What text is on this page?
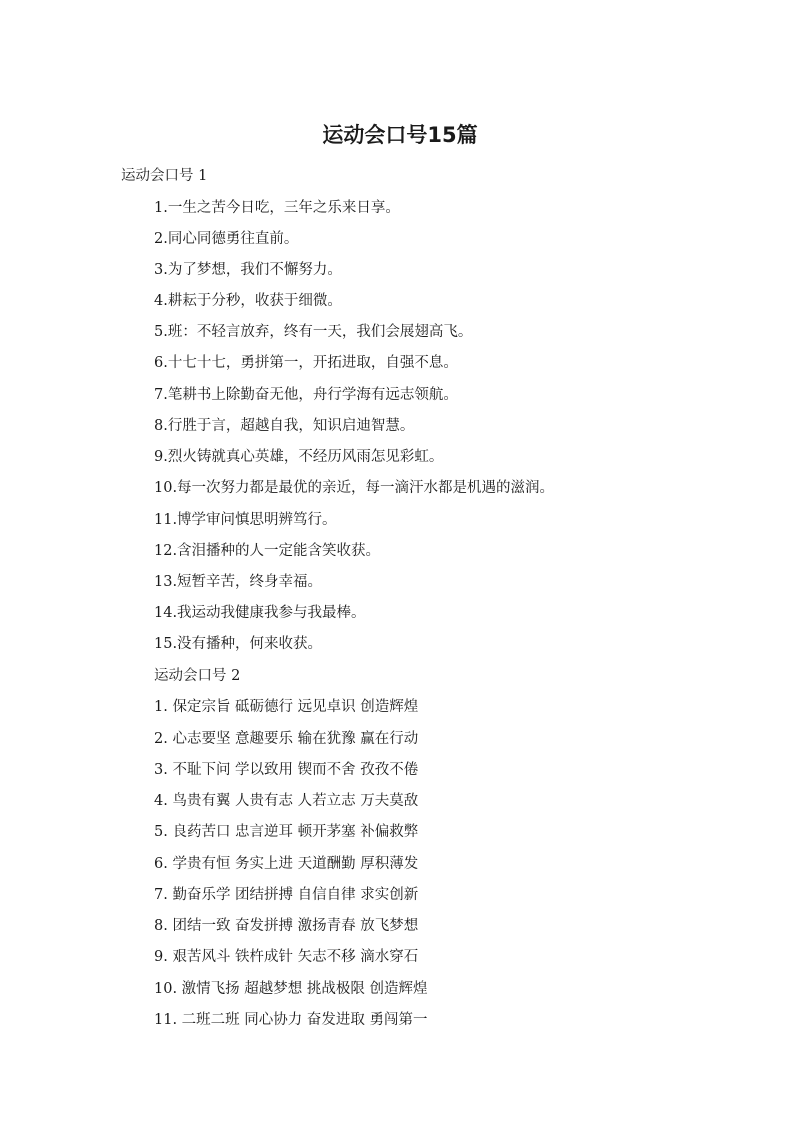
运动会口号15篇
运动会口号 1
1.一生之苦今日吃，三年之乐来日享。
2.同心同德勇往直前。
3.为了梦想，我们不懈努力。
4.耕耘于分秒，收获于细微。
5.班：不轻言放弃，终有一天，我们会展翅高飞。
6.十七十七，勇拼第一，开拓进取，自强不息。
7.笔耕书上除勤奋无他，舟行学海有远志领航。
8.行胜于言，超越自我，知识启迪智慧。
9.烈火铸就真心英雄，不经历风雨怎见彩虹。
10.每一次努力都是最优的亲近，每一滴汗水都是机遇的滋润。
11.博学审问慎思明辨笃行。
12.含泪播种的人一定能含笑收获。
13.短暂辛苦，终身幸福。
14.我运动我健康我参与我最棒。
15.没有播种，何来收获。
运动会口号 2
1. 保定宗旨 砥砺德行 远见卓识 创造辉煌
2. 心志要坚 意趣要乐 输在犹豫 赢在行动
3. 不耻下问 学以致用 锲而不舍 孜孜不倦
4. 鸟贵有翼 人贵有志 人若立志 万夫莫敌
5. 良药苦口 忠言逆耳 顿开茅塞 补偏救弊
6. 学贵有恒 务实上进 天道酬勤 厚积薄发
7. 勤奋乐学 团结拼搏 自信自律 求实创新
8. 团结一致 奋发拼搏 激扬青春 放飞梦想
9. 艰苦风斗 铁杵成针 矢志不移 滴水穿石
10. 激情飞扬 超越梦想 挑战极限 创造辉煌
11. 二班二班 同心协力 奋发进取 勇闯第一
